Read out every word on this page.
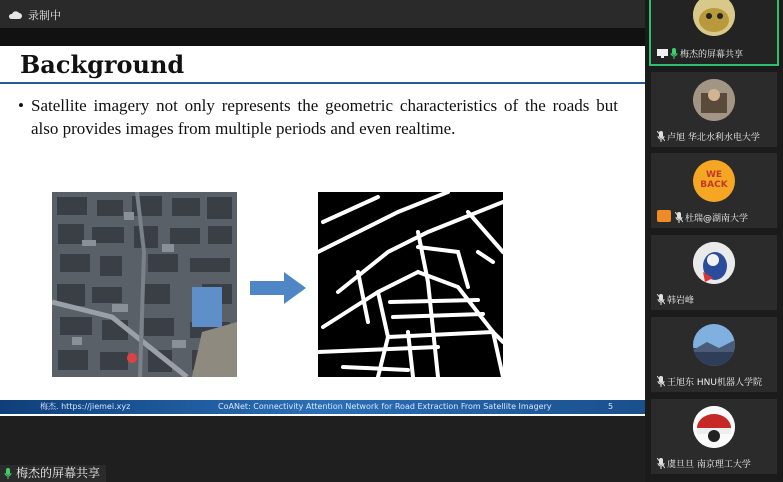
录制中
Background
• Satellite imagery not only represents the geometric characteristics of the roads but also provides images from multiple periods and even realtime.
梅杰. https://jiemei.xyz	CoANet: Connectivity Attention Network for Road Extraction From Satellite Imagery	5
梅杰的屏幕共享
梅杰的屏幕共享
卢旭 华北水利水电大学
WE BACK
杜瑞@湖南大学
韩岩峰
王旭东 HNU机器人学院
虞旦旦 南京理工大学
